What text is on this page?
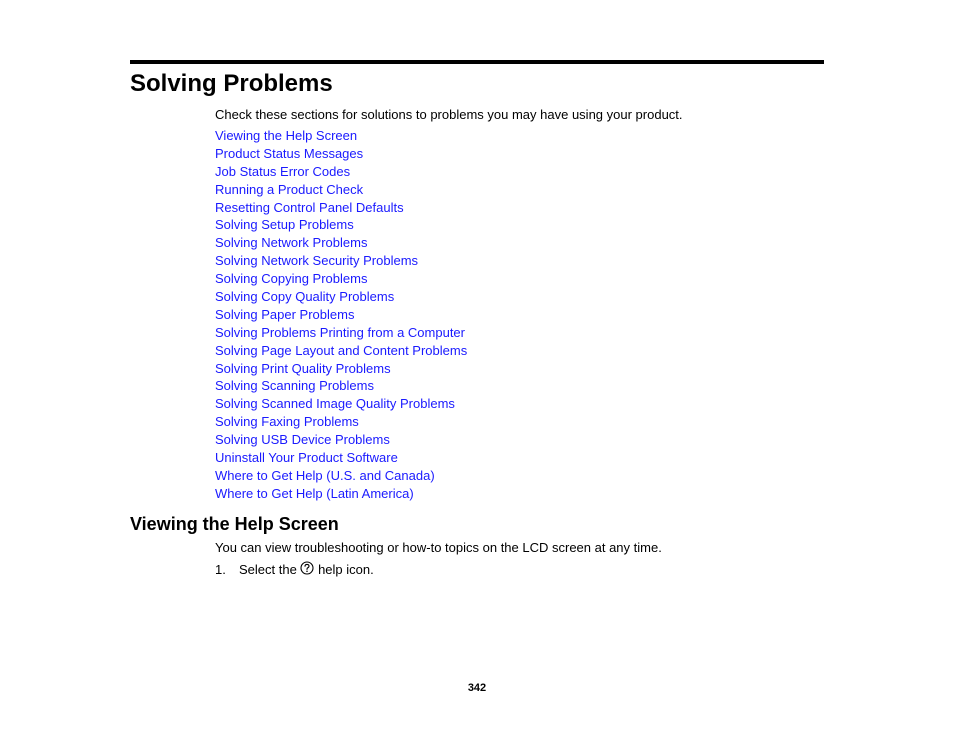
Solving Problems

Check these sections for solutions to problems you may have using your product.

Viewing the Help Screen
Product Status Messages
Job Status Error Codes
Running a Product Check
Resetting Control Panel Defaults
Solving Setup Problems
Solving Network Problems
Solving Network Security Problems
Solving Copying Problems
Solving Copy Quality Problems
Solving Paper Problems
Solving Problems Printing from a Computer
Solving Page Layout and Content Problems
Solving Print Quality Problems
Solving Scanning Problems
Solving Scanned Image Quality Problems
Solving Faxing Problems
Solving USB Device Problems
Uninstall Your Product Software
Where to Get Help (U.S. and Canada)
Where to Get Help (Latin America)
Viewing the Help Screen

You can view troubleshooting or how-to topics on the LCD screen at any time.

1. Select the help icon.
342
